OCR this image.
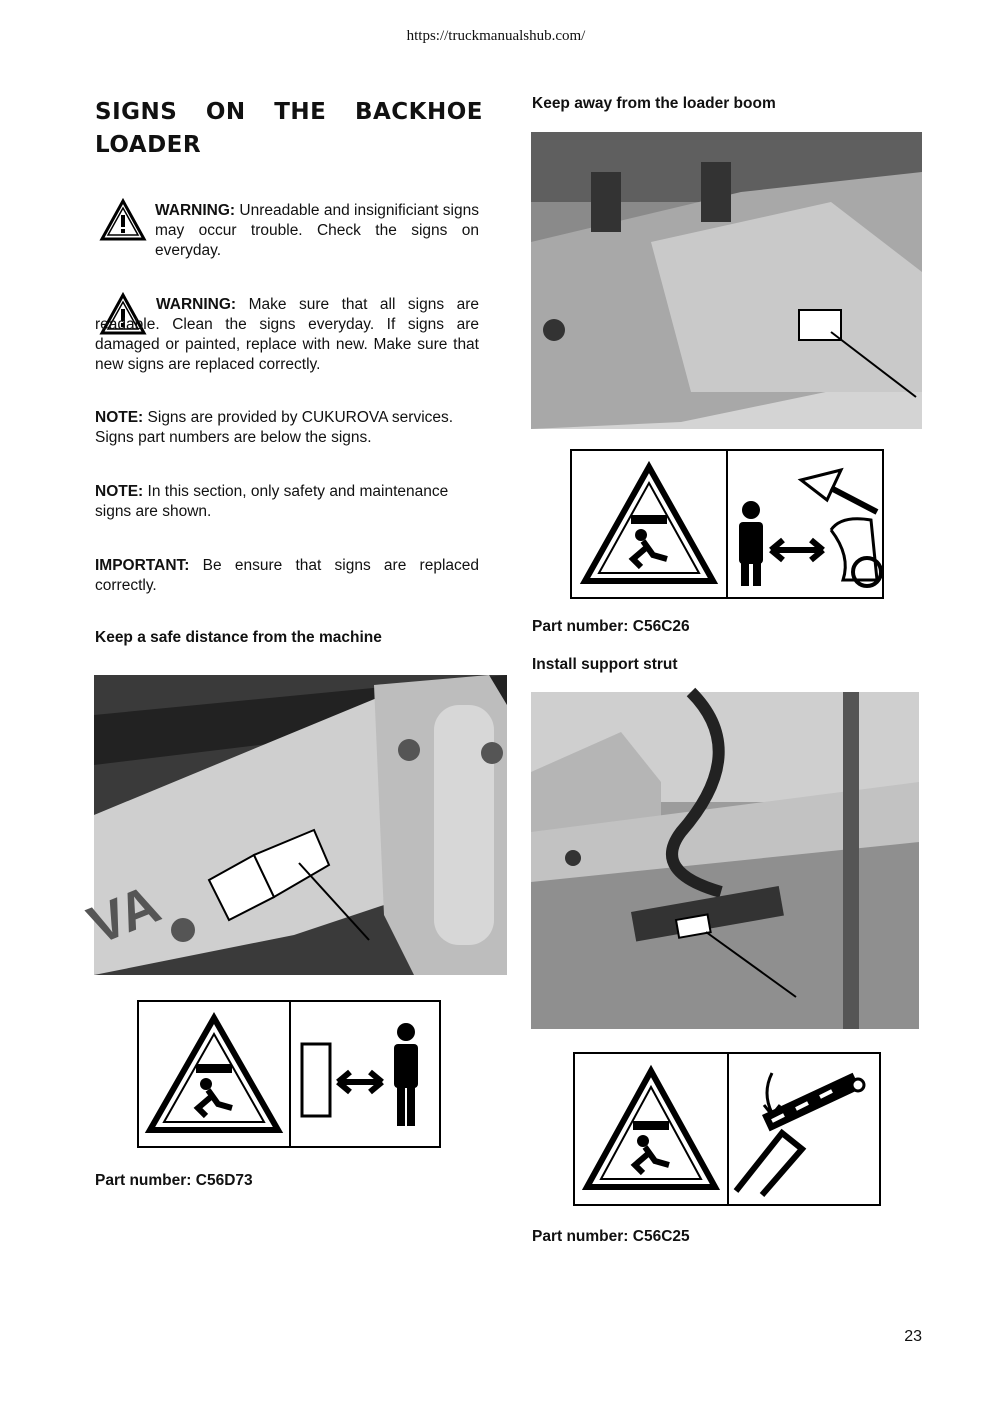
https://truckmanualshub.com/
SIGNS ON THE BACKHOE LOADER
WARNING: Unreadable and insignificiant signs may occur trouble. Check the signs on everyday.
WARNING: Make sure that all signs are readable. Clean the signs everyday. If signs are damaged or painted, replace with new. Make sure that new signs are replaced correctly.
NOTE: Signs are provided by CUKUROVA services. Signs part numbers are below the signs.
NOTE: In this section, only safety and maintenance signs are shown.
IMPORTANT: Be ensure that signs are replaced correctly.
Keep a safe distance from the machine
VA
Part number: C56D73
Keep away from the loader boom
Part number: C56C26
Install support strut
Part number: C56C25
23
